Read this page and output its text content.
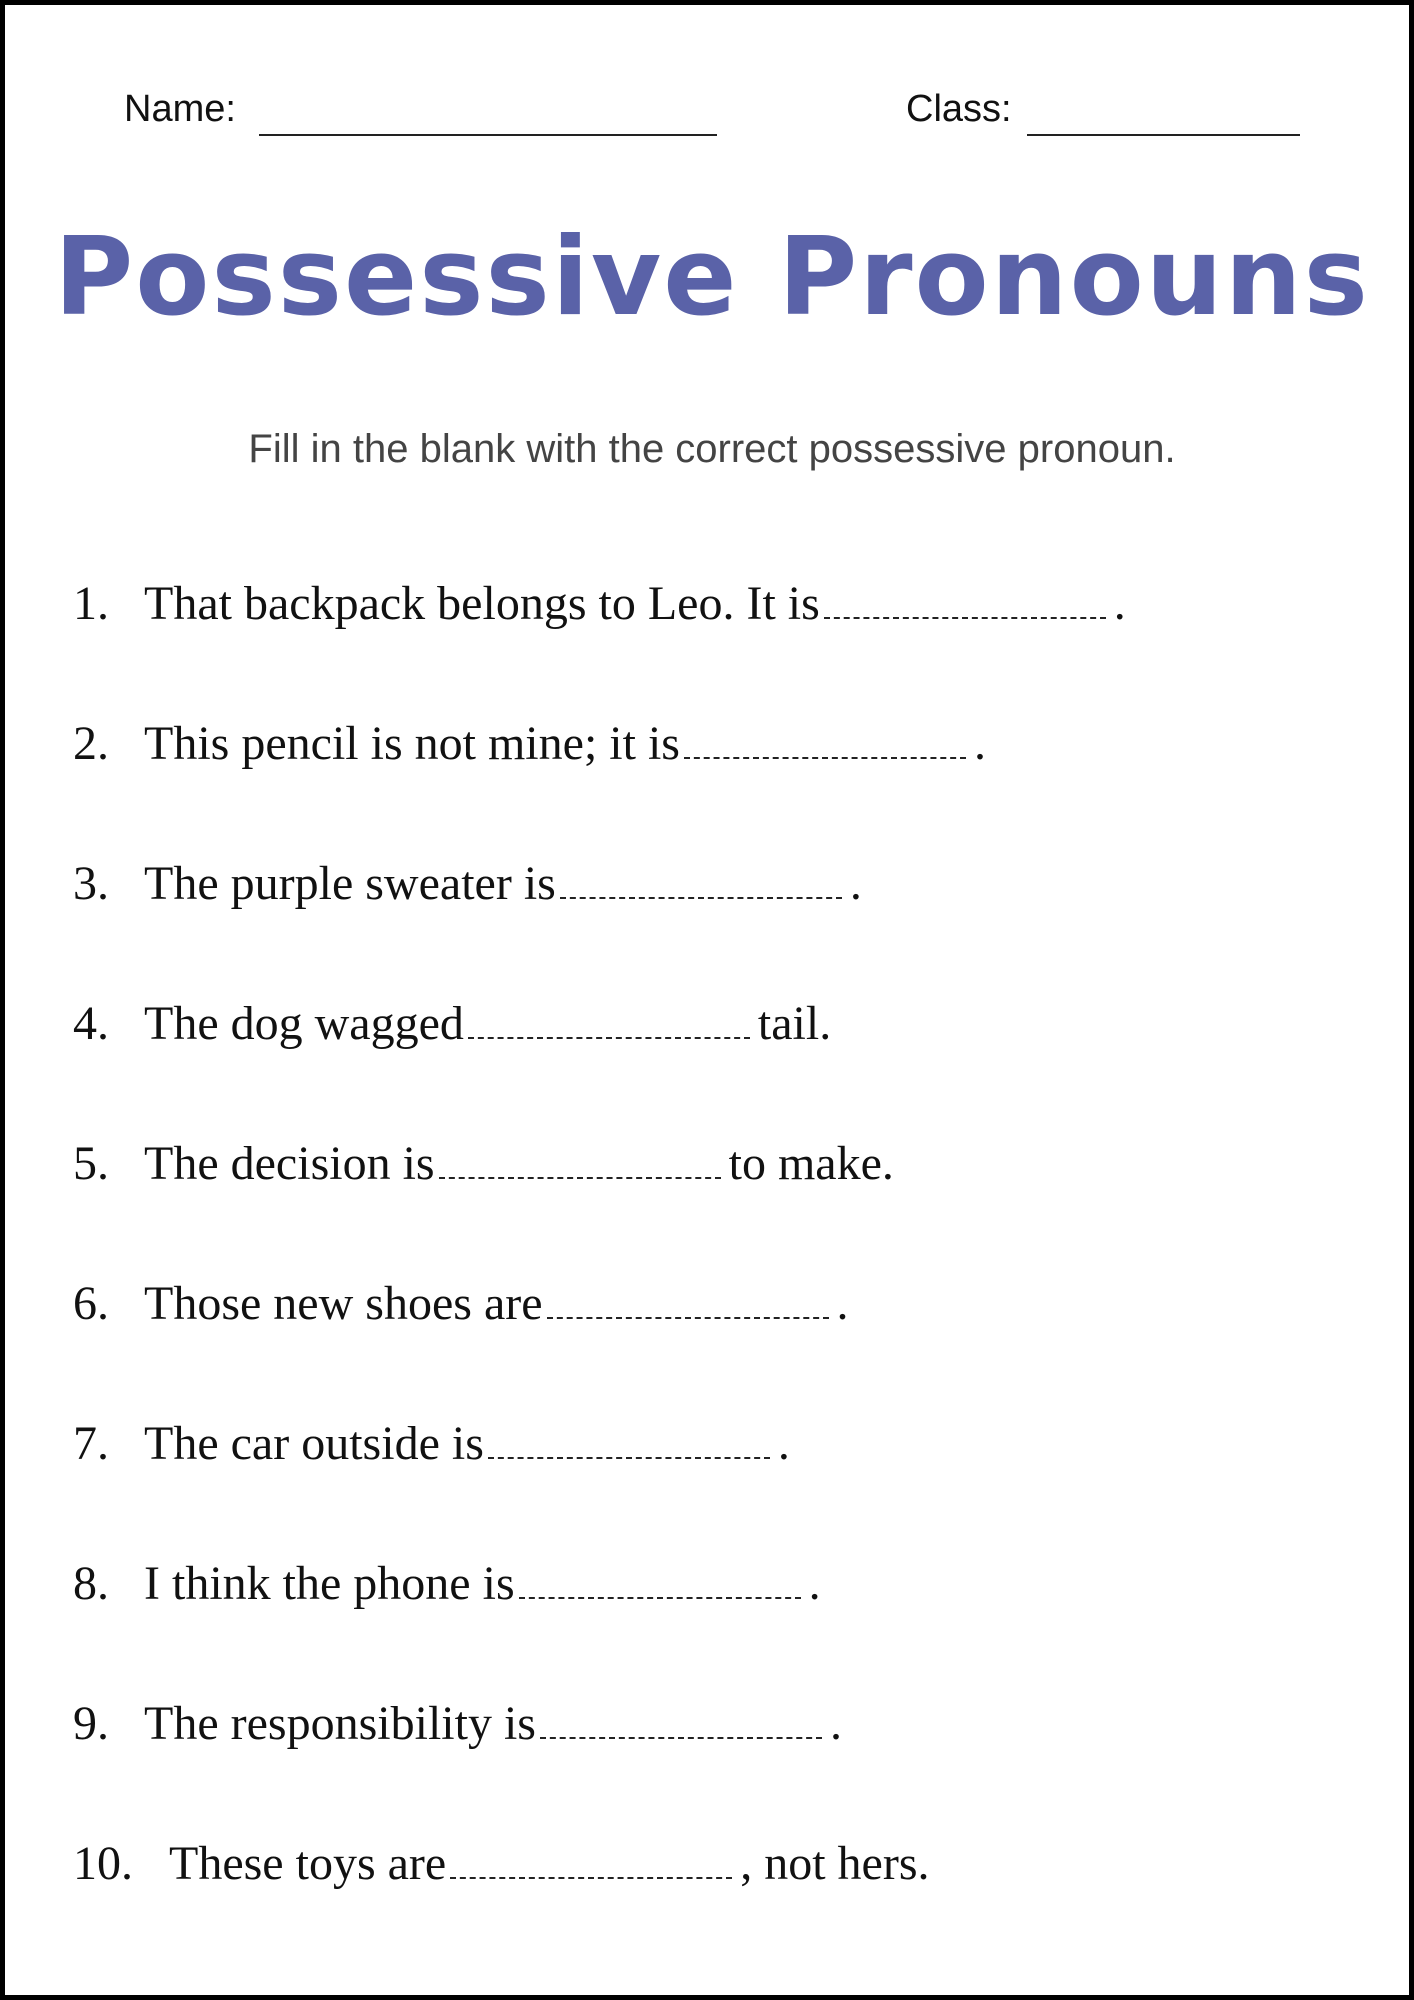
Name:	Class:
Possessive Pronouns
Fill in the blank with the correct possessive pronoun.
1. That backpack belongs to Leo. It is	.
2. This pencil is not mine; it is	.
3. The purple sweater is	.
4. The dog wagged	tail.
5. The decision is	to make.
6. Those new shoes are	.
7. The car outside is	.
8. I think the phone is	.
9. The responsibility is	.
10. These toys are	, not hers.
